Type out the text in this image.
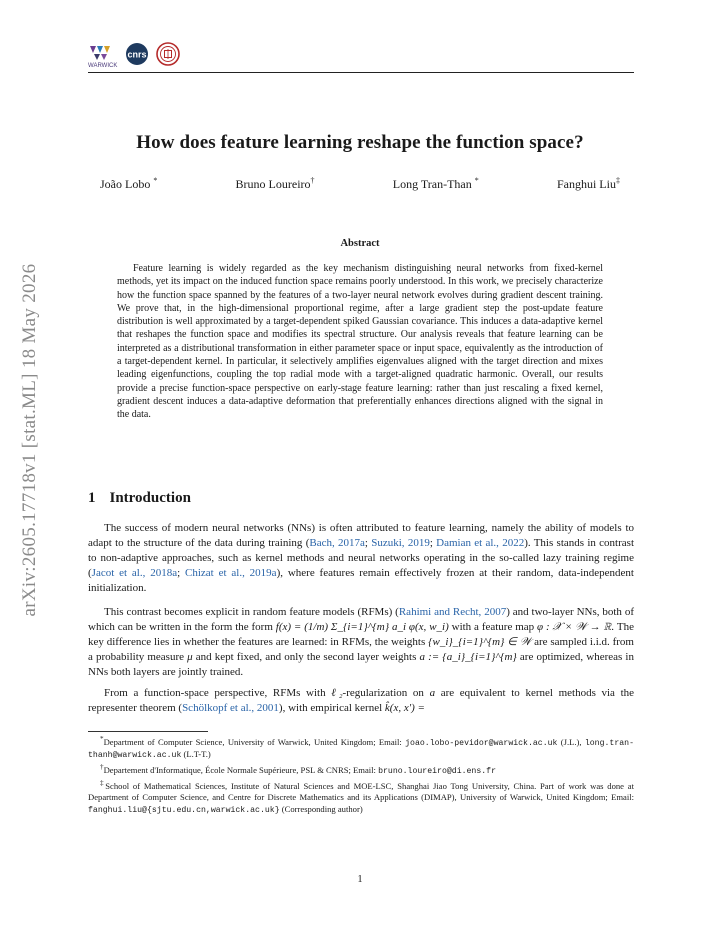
arXiv:2605.17718v1 [stat.ML] 18 May 2026
WARWICK
cnrs
How does feature learning reshape the function space?
João Lobo *	Bruno Loureiro†	Long Tran-Than *	Fanghui Liu‡
Abstract
Feature learning is widely regarded as the key mechanism distinguishing neural networks from fixed-kernel methods, yet its impact on the induced function space remains poorly understood. In this work, we precisely characterize how the function space spanned by the features of a two-layer neural network evolves during gradient descent training. We prove that, in the high-dimensional proportional regime, after a large gradient step the post-update feature distribution is well approximated by a target-dependent spiked Gaussian covariance. This induces a data-adaptive kernel that reshapes the function space and modifies its spectral structure. Our analysis reveals that feature learning can be interpreted as a distributional transformation in either parameter space or input space, equivalently as the introduction of a target-dependent kernel. In particular, it selectively amplifies eigenvalues aligned with the target direction and mixes leading eigenfunctions, coupling the top radial mode with a target-aligned quadratic harmonic. Overall, our results provide a precise function-space perspective on early-stage feature learning: rather than just rescaling a fixed kernel, gradient descent induces a data-adaptive deformation that preferentially enhances directions aligned with the signal in the data.
1 Introduction
The success of modern neural networks (NNs) is often attributed to feature learning, namely the ability of models to adapt to the structure of the data during training (Bach, 2017a; Suzuki, 2019; Damian et al., 2022). This stands in contrast to non-adaptive approaches, such as kernel methods and neural networks operating in the so-called lazy training regime (Jacot et al., 2018a; Chizat et al., 2019a), where features remain effectively frozen at their random, data-independent initialization.
This contrast becomes explicit in random feature models (RFMs) (Rahimi and Recht, 2007) and two-layer NNs, both of which can be written in the form the form f(x) = (1/m) Σ_{i=1}^{m} a_i φ(x, w_i) with a feature map φ : 𝒳 × 𝒲 → ℝ. The key difference lies in whether the features are learned: in RFMs, the weights {w_i}_{i=1}^{m} ∈ 𝒲 are sampled i.i.d. from a probability measure μ and kept fixed, and only the second layer weights a := {a_i}_{i=1}^{m} are optimized, whereas in NNs both layers are jointly trained.
From a function-space perspective, RFMs with ℓ₂-regularization on a are equivalent to kernel methods via the representer theorem (Schölkopf et al., 2001), with empirical kernel k̂(x, x′) =

*Department of Computer Science, University of Warwick, United Kingdom; Email: joao.lobo-pevidor@warwick.ac.uk (J.L.), long.tran-thanh@warwick.ac.uk (L.T-T.)

†Departement d'Informatique, École Normale Supérieure, PSL & CNRS; Email: bruno.loureiro@di.ens.fr

‡School of Mathematical Sciences, Institute of Natural Sciences and MOE-LSC, Shanghai Jiao Tong University, China. Part of work was done at Department of Computer Science, and Centre for Discrete Mathematics and its Applications (DIMAP), University of Warwick, United Kingdom; Email: fanghui.liu@{sjtu.edu.cn,warwick.ac.uk} (Corresponding author)

1
